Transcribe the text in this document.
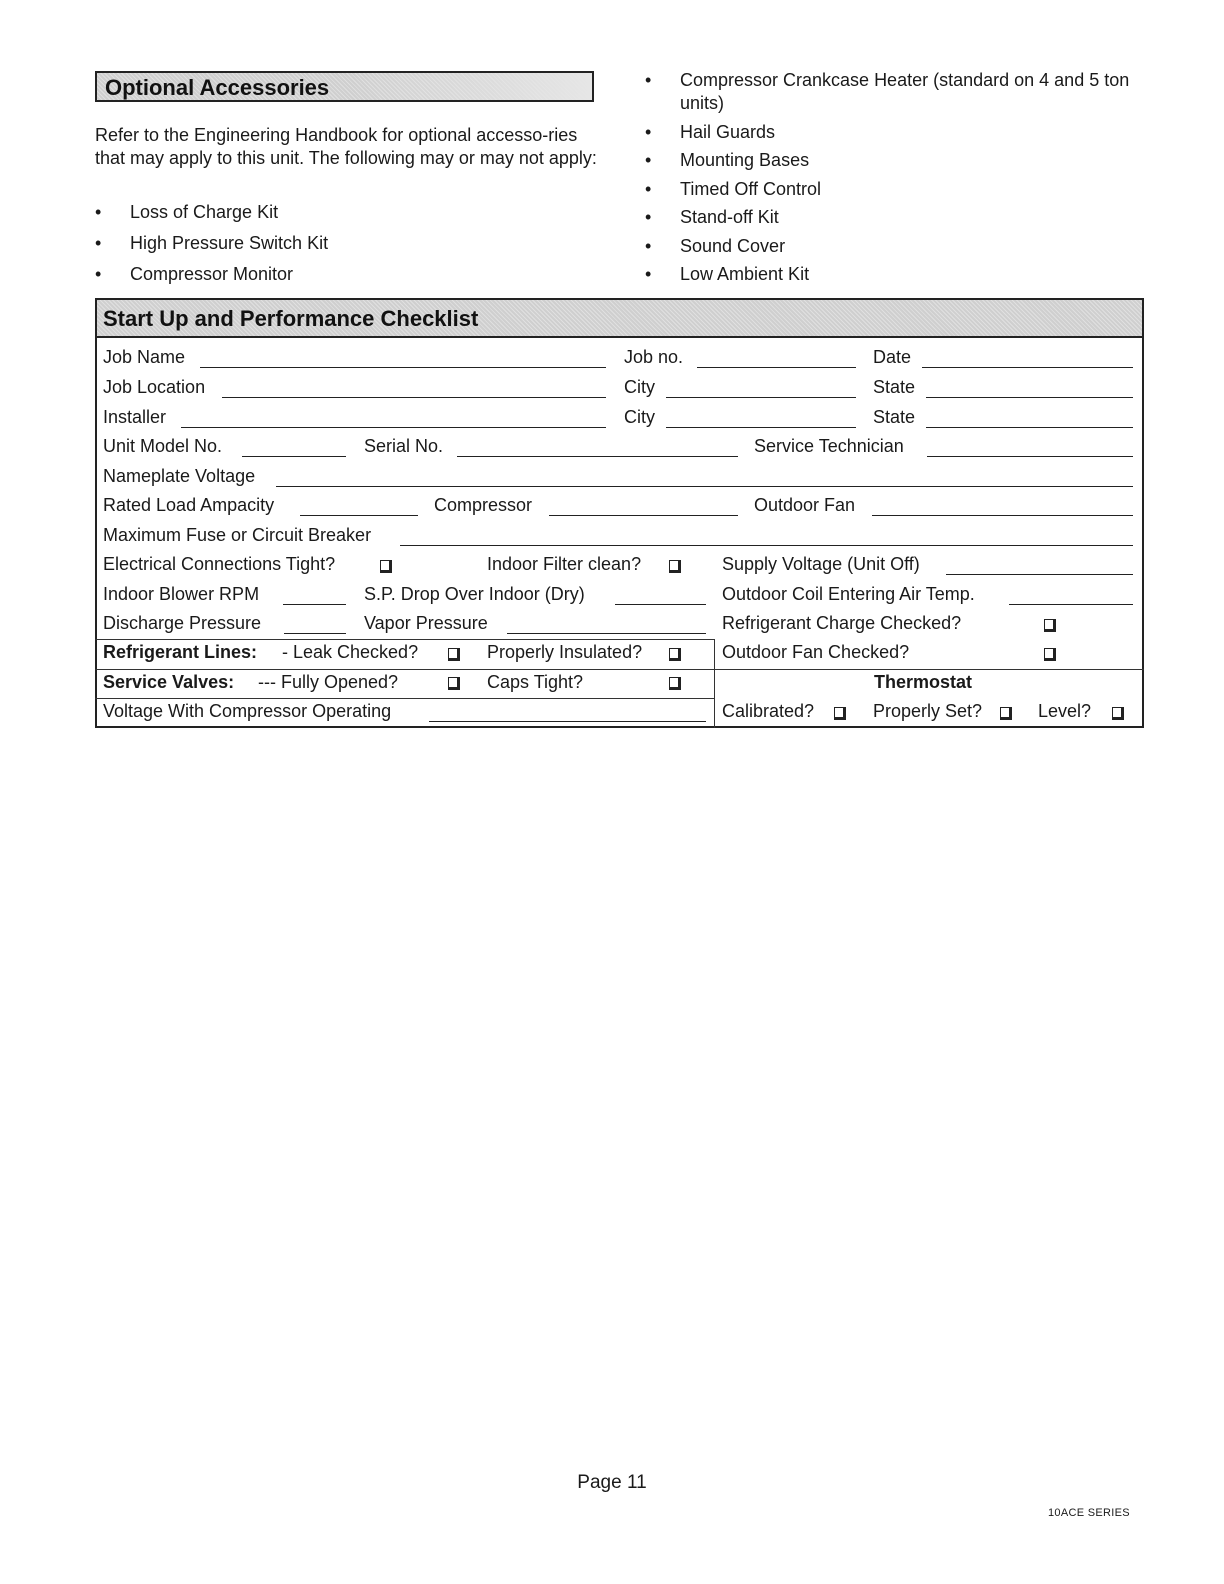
Optional Accessories
Refer to the Engineering Handbook for optional accesso-ries that may apply to this unit. The following may or may not apply:
• Loss of Charge Kit
• High Pressure Switch Kit
• Compressor Monitor
• Compressor Crankcase Heater (standard on 4 and 5 ton units)
• Hail Guards
• Mounting Bases
• Timed Off Control
• Stand-off Kit
• Sound Cover
• Low Ambient Kit
Start Up and Performance Checklist
Job Name	Job no.	Date
Job Location	City	State
Installer	City	State
Unit Model No.	Serial No.	Service Technician
Nameplate Voltage
Rated Load Ampacity	Compressor	Outdoor Fan
Maximum Fuse or Circuit Breaker
Electrical Connections Tight?	Indoor Filter clean?	Supply Voltage (Unit Off)
Indoor Blower RPM	S.P. Drop Over Indoor (Dry)	Outdoor Coil Entering Air Temp.
Discharge Pressure	Vapor Pressure	Refrigerant Charge Checked?
Refrigerant Lines: - Leak Checked?	Properly Insulated?	Outdoor Fan Checked?
Service Valves: --- Fully Opened?	Caps Tight?	Thermostat
Voltage With Compressor Operating	Calibrated?	Properly Set?	Level?
Page 11
10ACE SERIES
